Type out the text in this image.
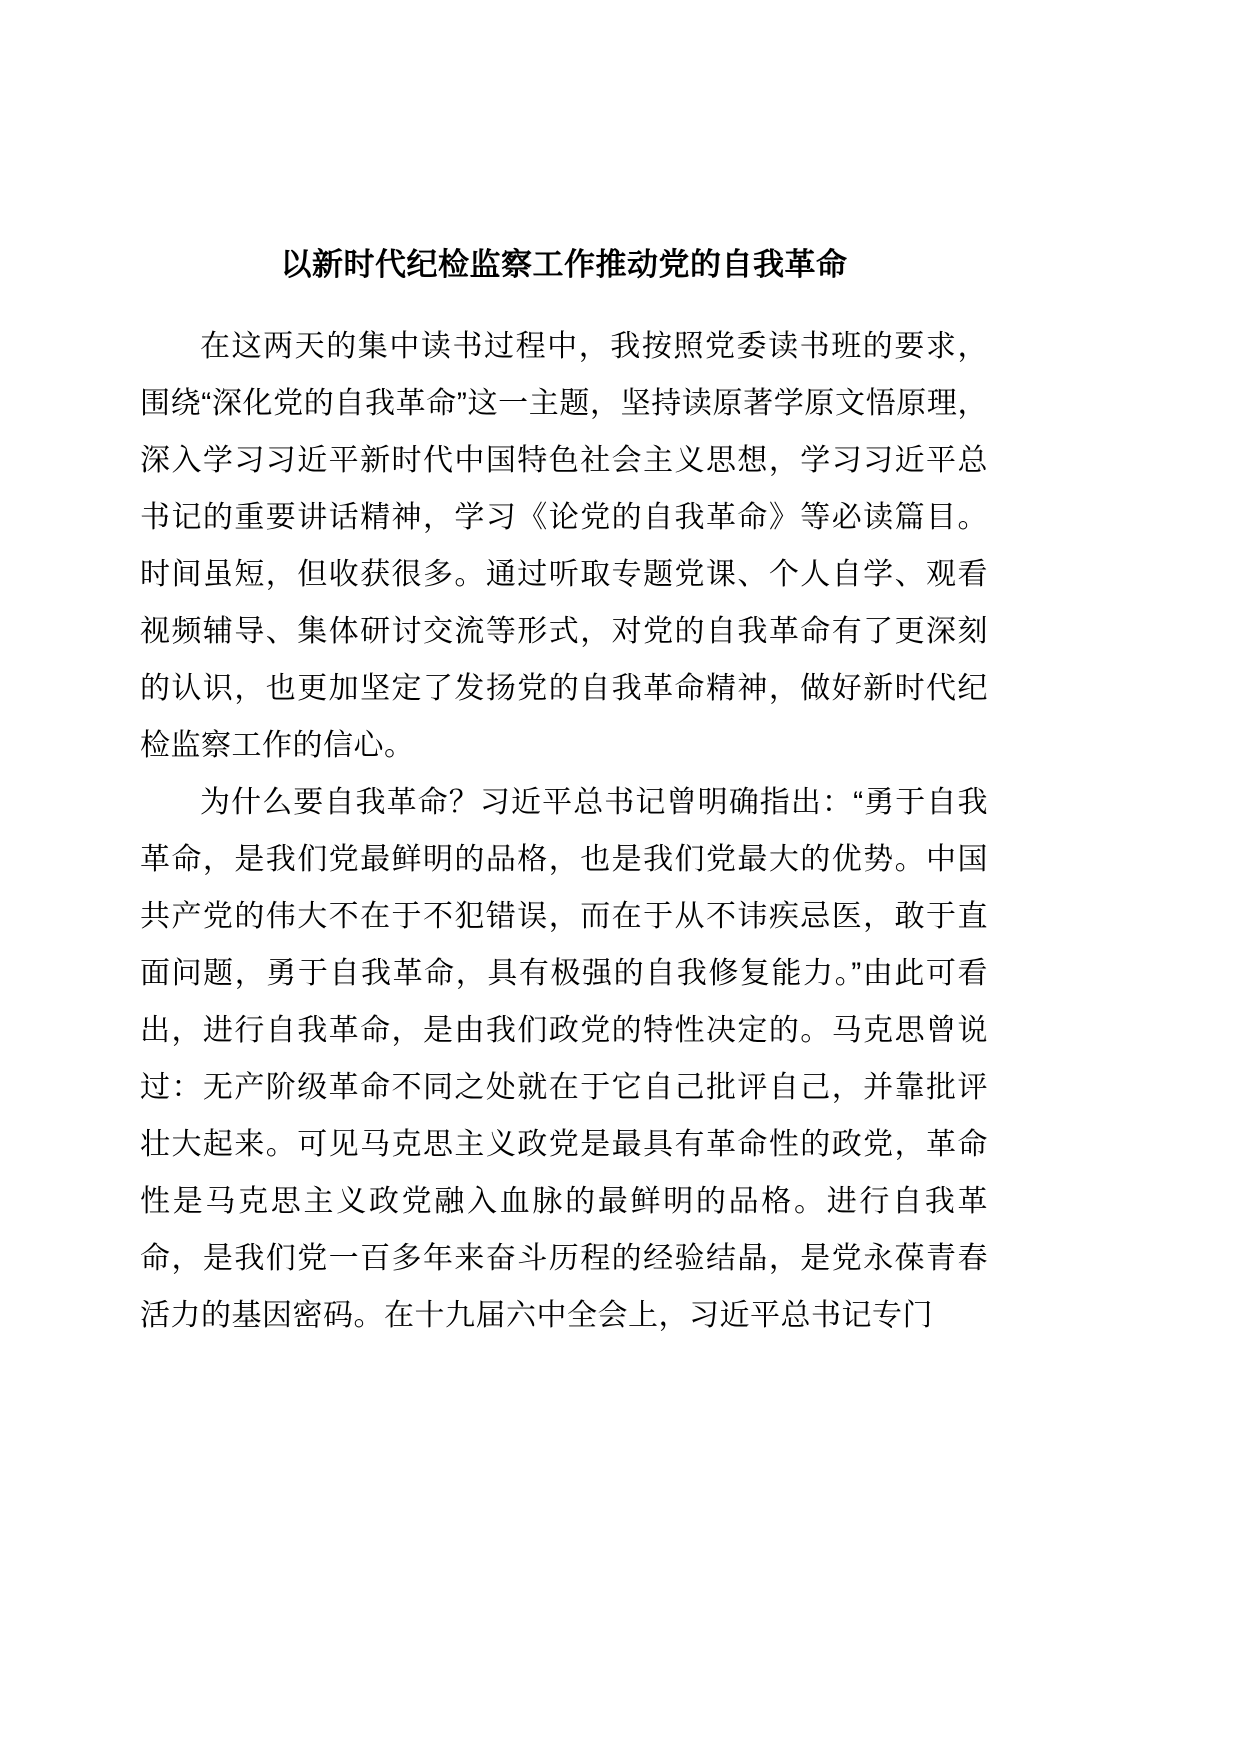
以新时代纪检监察工作推动党的自我革命

在这两天的集中读书过程中，我按照党委读书班的要求，围绕“深化党的自我革命”这一主题，坚持读原著学原文悟原理，深入学习习近平新时代中国特色社会主义思想，学习习近平总书记的重要讲话精神，学习《论党的自我革命》等必读篇目。时间虽短，但收获很多。通过听取专题党课、个人自学、观看视频辅导、集体研讨交流等形式，对党的自我革命有了更深刻的认识，也更加坚定了发扬党的自我革命精神，做好新时代纪检监察工作的信心。

为什么要自我革命？习近平总书记曾明确指出：“勇于自我革命，是我们党最鲜明的品格，也是我们党最大的优势。中国共产党的伟大不在于不犯错误，而在于从不讳疾忌医，敢于直面问题，勇于自我革命，具有极强的自我修复能力。”由此可看出，进行自我革命，是由我们政党的特性决定的。马克思曾说过：无产阶级革命不同之处就在于它自己批评自己，并靠批评壮大起来。可见马克思主义政党是最具有革命性的政党，革命性是马克思主义政党融入血脉的最鲜明的品格。进行自我革命，是我们党一百多年来奋斗历程的经验结晶，是党永葆青春活力的基因密码。在十九届六中全会上，习近平总书记专门
